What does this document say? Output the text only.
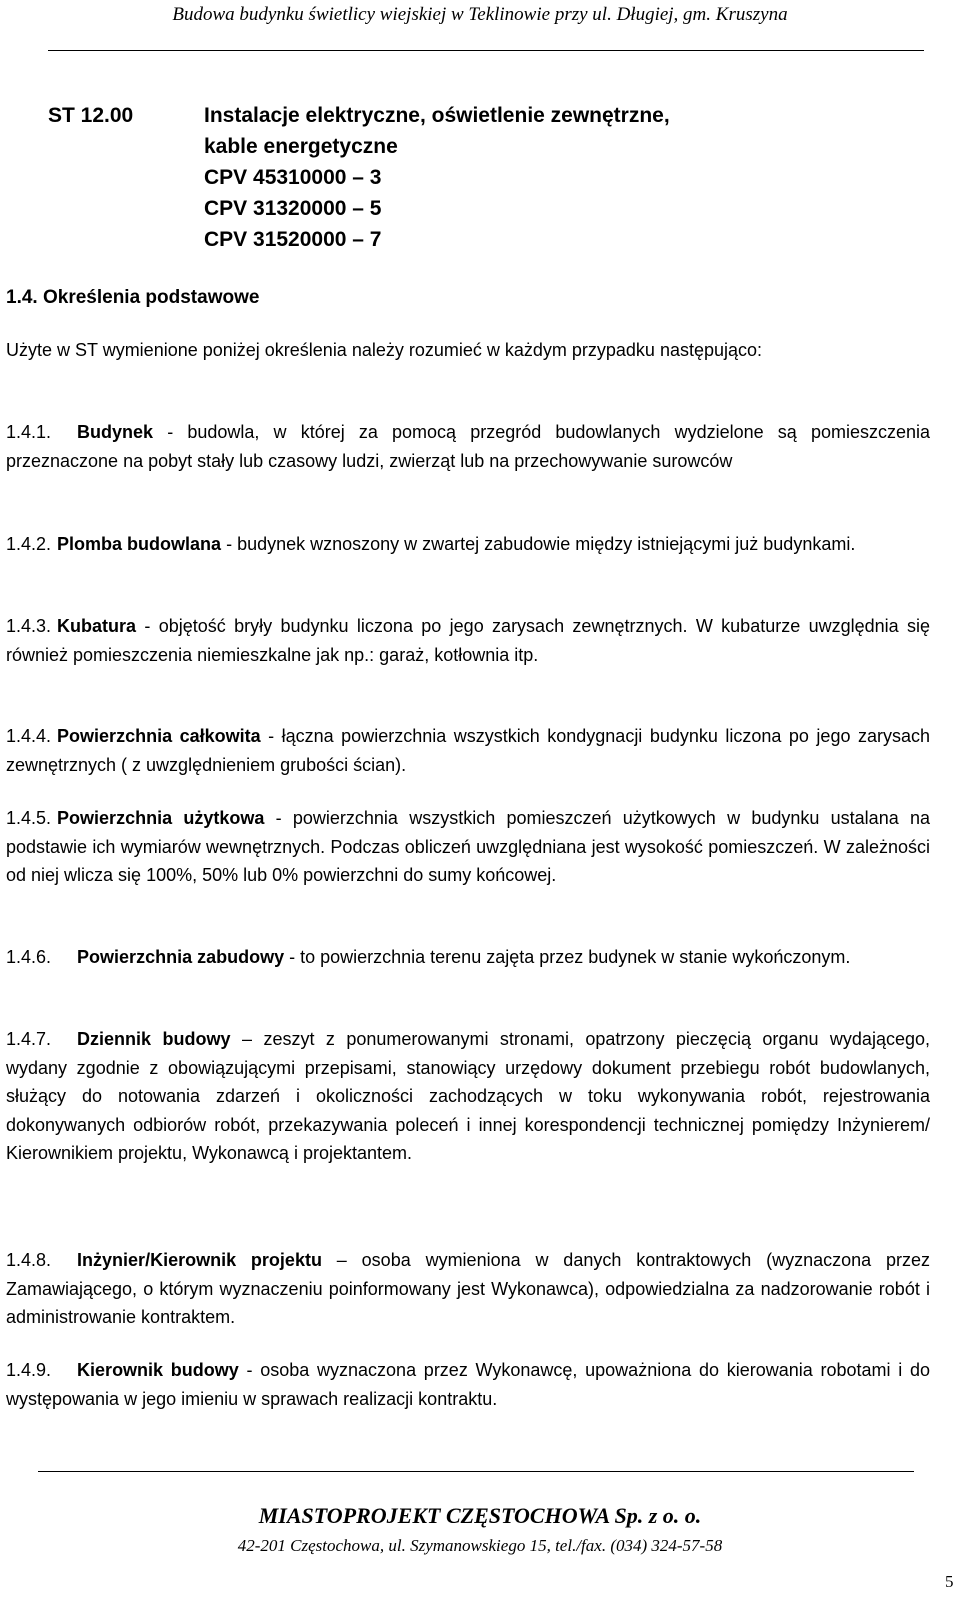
Budowa budynku świetlicy wiejskiej w Teklinowie przy ul. Długiej, gm. Kruszyna
ST 12.00	Instalacje elektryczne, oświetlenie zewnętrzne,
kable energetyczne
CPV 45310000 – 3
CPV 31320000 – 5
CPV 31520000 – 7
1.4. Określenia podstawowe

Użyte w ST wymienione poniżej określenia należy rozumieć w każdym przypadku następująco:

1.4.1. Budynek - budowla, w której za pomocą przegród budowlanych wydzielone są pomieszczenia przeznaczone na pobyt stały lub czasowy ludzi, zwierząt lub na przechowywanie surowców

1.4.2. Plomba budowlana - budynek wznoszony w zwartej zabudowie między istniejącymi już budynkami.

1.4.3. Kubatura - objętość bryły budynku liczona po jego zarysach zewnętrznych. W kubaturze uwzględnia się również pomieszczenia niemieszkalne jak np.: garaż, kotłownia itp.

1.4.4. Powierzchnia całkowita - łączna powierzchnia wszystkich kondygnacji budynku liczona po jego zarysach zewnętrznych ( z uwzględnieniem grubości ścian).

1.4.5. Powierzchnia użytkowa - powierzchnia wszystkich pomieszczeń użytkowych w budynku ustalana na podstawie ich wymiarów wewnętrznych. Podczas obliczeń uwzględniana jest wysokość pomieszczeń. W zależności od niej wlicza się 100%, 50% lub 0% powierzchni do sumy końcowej.

1.4.6. Powierzchnia zabudowy - to powierzchnia terenu zajęta przez budynek w stanie wykończonym.

1.4.7. Dziennik budowy – zeszyt z ponumerowanymi stronami, opatrzony pieczęcią organu wydającego, wydany zgodnie z obowiązującymi przepisami, stanowiący urzędowy dokument przebiegu robót budowlanych, służący do notowania zdarzeń i okoliczności zachodzących w toku wykonywania robót, rejestrowania dokonywanych odbiorów robót, przekazywania poleceń i innej korespondencji technicznej pomiędzy Inżynierem/ Kierownikiem projektu, Wykonawcą i projektantem.

1.4.8. Inżynier/Kierownik projektu – osoba wymieniona w danych kontraktowych (wyznaczona przez Zamawiającego, o którym wyznaczeniu poinformowany jest Wykonawca), odpowiedzialna za nadzorowanie robót i administrowanie kontraktem.

1.4.9. Kierownik budowy - osoba wyznaczona przez Wykonawcę, upoważniona do kierowania robotami i do występowania w jego imieniu w sprawach realizacji kontraktu.

MIASTOPROJEKT CZĘSTOCHOWA Sp. z o. o.
42-201 Częstochowa, ul. Szymanowskiego 15, tel./fax. (034) 324-57-58
5
